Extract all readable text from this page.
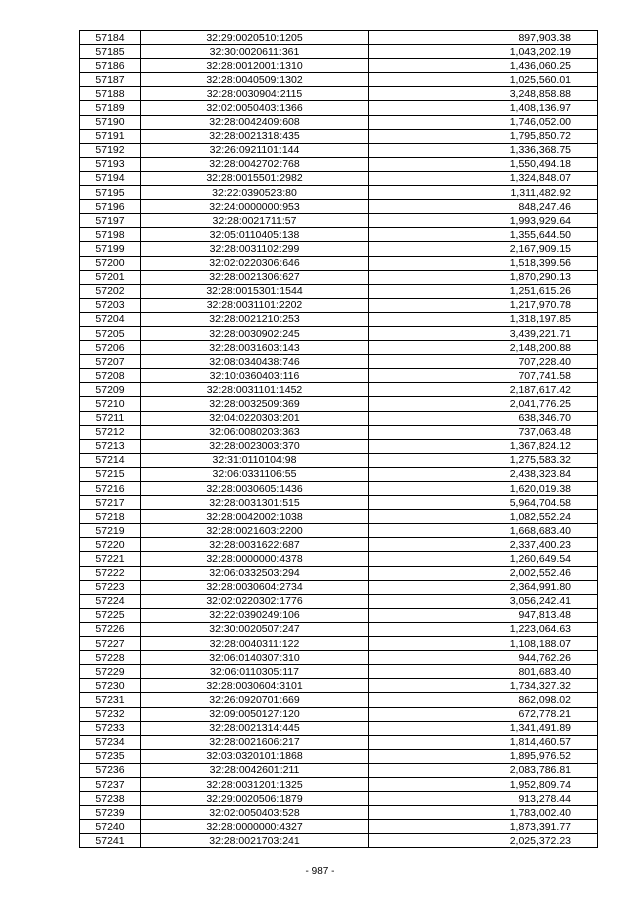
57184	32:29:0020510:1205	897,903.38
57185	32:30:0020611:361	1,043,202.19
57186	32:28:0012001:1310	1,436,060.25
57187	32:28:0040509:1302	1,025,560.01
57188	32:28:0030904:2115	3,248,858.88
57189	32:02:0050403:1366	1,408,136.97
57190	32:28:0042409:608	1,746,052.00
57191	32:28:0021318:435	1,795,850.72
57192	32:26:0921101:144	1,336,368.75
57193	32:28:0042702:768	1,550,494.18
57194	32:28:0015501:2982	1,324,848.07
57195	32:22:0390523:80	1,311,482.92
57196	32:24:0000000:953	848,247.46
57197	32:28:0021711:57	1,993,929.64
57198	32:05:0110405:138	1,355,644.50
57199	32:28:0031102:299	2,167,909.15
57200	32:02:0220306:646	1,518,399.56
57201	32:28:0021306:627	1,870,290.13
57202	32:28:0015301:1544	1,251,615.26
57203	32:28:0031101:2202	1,217,970.78
57204	32:28:0021210:253	1,318,197.85
57205	32:28:0030902:245	3,439,221.71
57206	32:28:0031603:143	2,148,200.88
57207	32:08:0340438:746	707,228.40
57208	32:10:0360403:116	707,741.58
57209	32:28:0031101:1452	2,187,617.42
57210	32:28:0032509:369	2,041,776.25
57211	32:04:0220303:201	638,346.70
57212	32:06:0080203:363	737,063.48
57213	32:28:0023003:370	1,367,824.12
57214	32:31:0110104:98	1,275,583.32
57215	32:06:0331106:55	2,438,323.84
57216	32:28:0030605:1436	1,620,019.38
57217	32:28:0031301:515	5,964,704.58
57218	32:28:0042002:1038	1,082,552.24
57219	32:28:0021603:2200	1,668,683.40
57220	32:28:0031622:687	2,337,400.23
57221	32:28:0000000:4378	1,260,649.54
57222	32:06:0332503:294	2,002,552.46
57223	32:28:0030604:2734	2,364,991.80
57224	32:02:0220302:1776	3,056,242.41
57225	32:22:0390249:106	947,813.48
57226	32:30:0020507:247	1,223,064.63
57227	32:28:0040311:122	1,108,188.07
57228	32:06:0140307:310	944,762.26
57229	32:06:0110305:117	801,683.40
57230	32:28:0030604:3101	1,734,327.32
57231	32:26:0920701:669	862,098.02
57232	32:09:0050127:120	672,778.21
57233	32:28:0021314:445	1,341,491.89
57234	32:28:0021606:217	1,814,460.57
57235	32:03:0320101:1868	1,895,976.52
57236	32:28:0042601:211	2,083,786.81
57237	32:28:0031201:1325	1,952,809.74
57238	32:29:0020506:1879	913,278.44
57239	32:02:0050403:528	1,783,002.40
57240	32:28:0000000:4327	1,873,391.77
57241	32:28:0021703:241	2,025,372.23
- 987 -
